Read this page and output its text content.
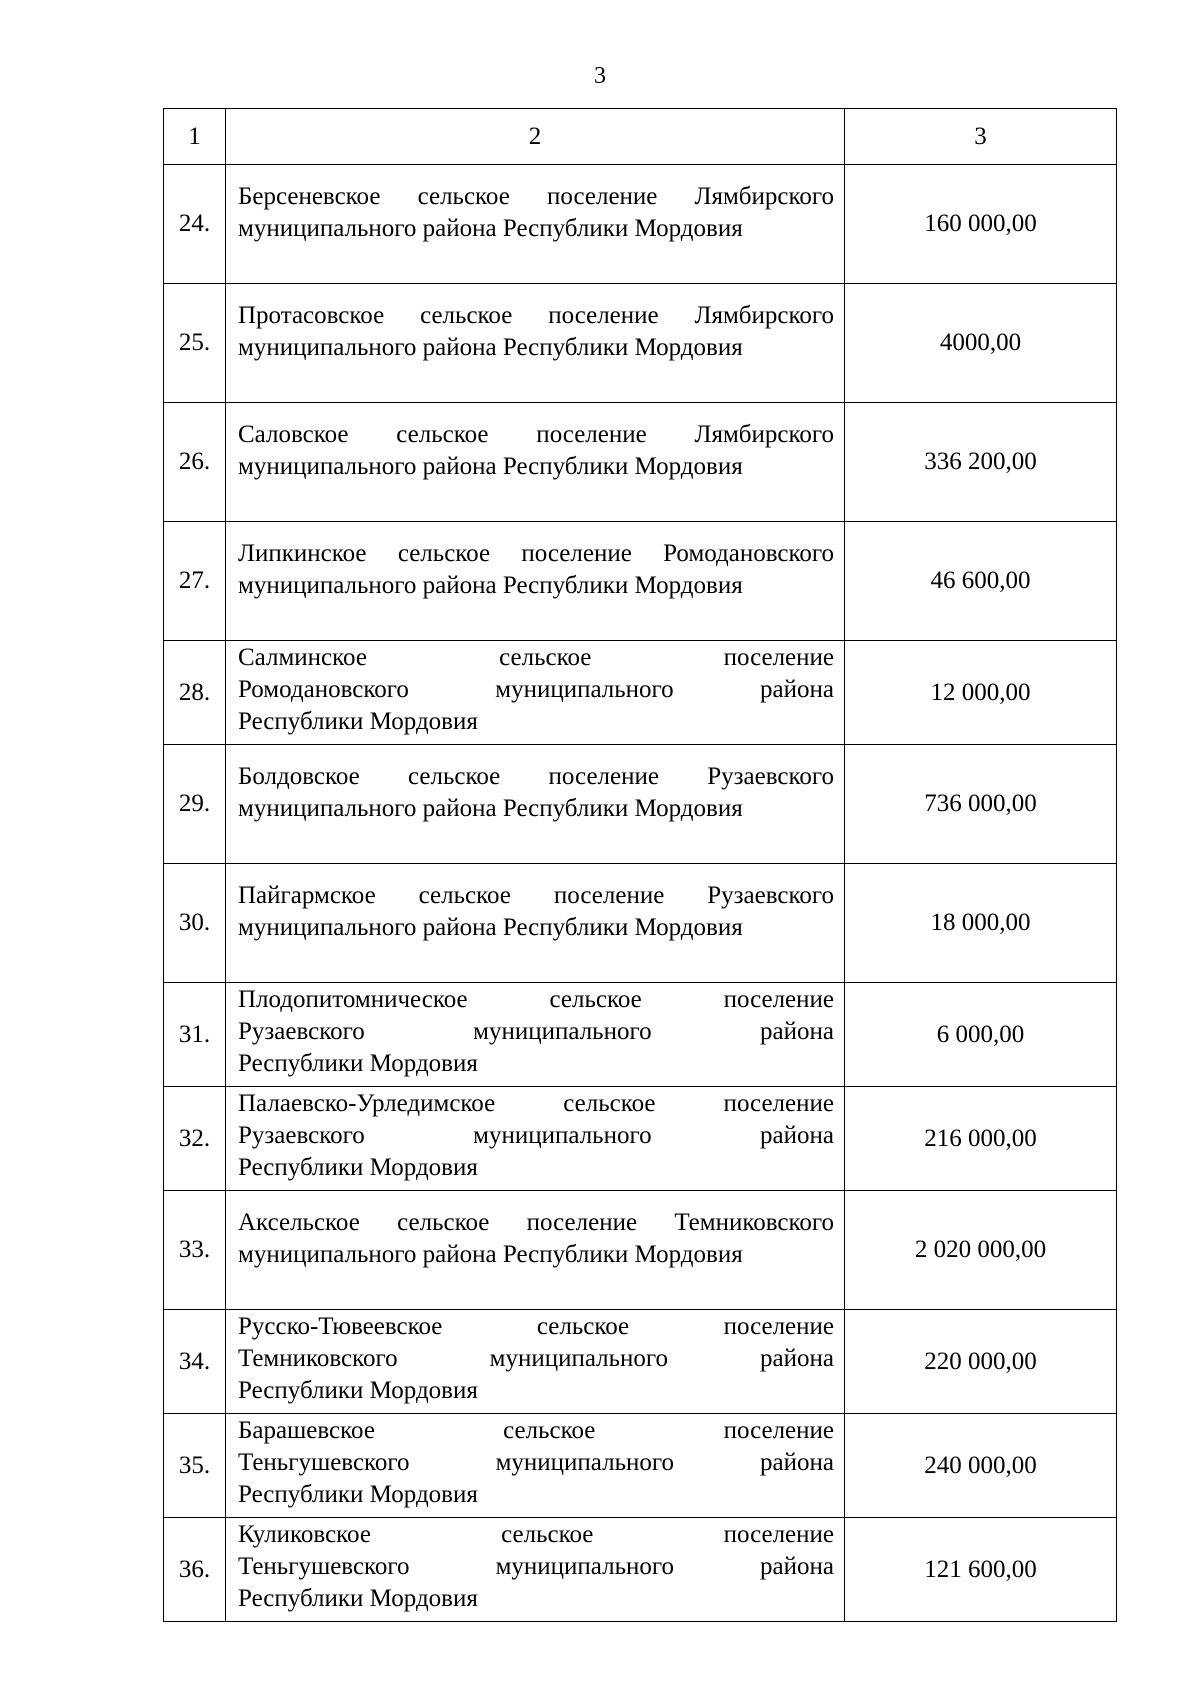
3
1	2	3
24.	Берсеневское сельское поселение Лямбирского
муниципального района Республики Мордовия	160 000,00
25.	Протасовское сельское поселение Лямбирского
муниципального района Республики Мордовия	4000,00
26.	Саловское сельское поселение Лямбирского
муниципального района Республики Мордовия	336 200,00
27.	Липкинское сельское поселение Ромодановского
муниципального района Республики Мордовия	46 600,00
28.	Салминское сельское поселение
Ромодановского муниципального района
Республики Мордовия	12 000,00
29.	Болдовское сельское поселение Рузаевского
муниципального района Республики Мордовия	736 000,00
30.	Пайгармское сельское поселение Рузаевского
муниципального района Республики Мордовия	18 000,00
31.	Плодопитомническое сельское поселение
Рузаевского муниципального района
Республики Мордовия	6 000,00
32.	Палаевско-Урледимское сельское поселение
Рузаевского муниципального района
Республики Мордовия	216 000,00
33.	Аксельское сельское поселение Темниковского
муниципального района Республики Мордовия	2 020 000,00
34.	Русско-Тювеевское сельское поселение
Темниковского муниципального района
Республики Мордовия	220 000,00
35.	Барашевское сельское поселение
Теньгушевского муниципального района
Республики Мордовия	240 000,00
36.	Куликовское сельское поселение
Теньгушевского муниципального района
Республики Мордовия	121 600,00
